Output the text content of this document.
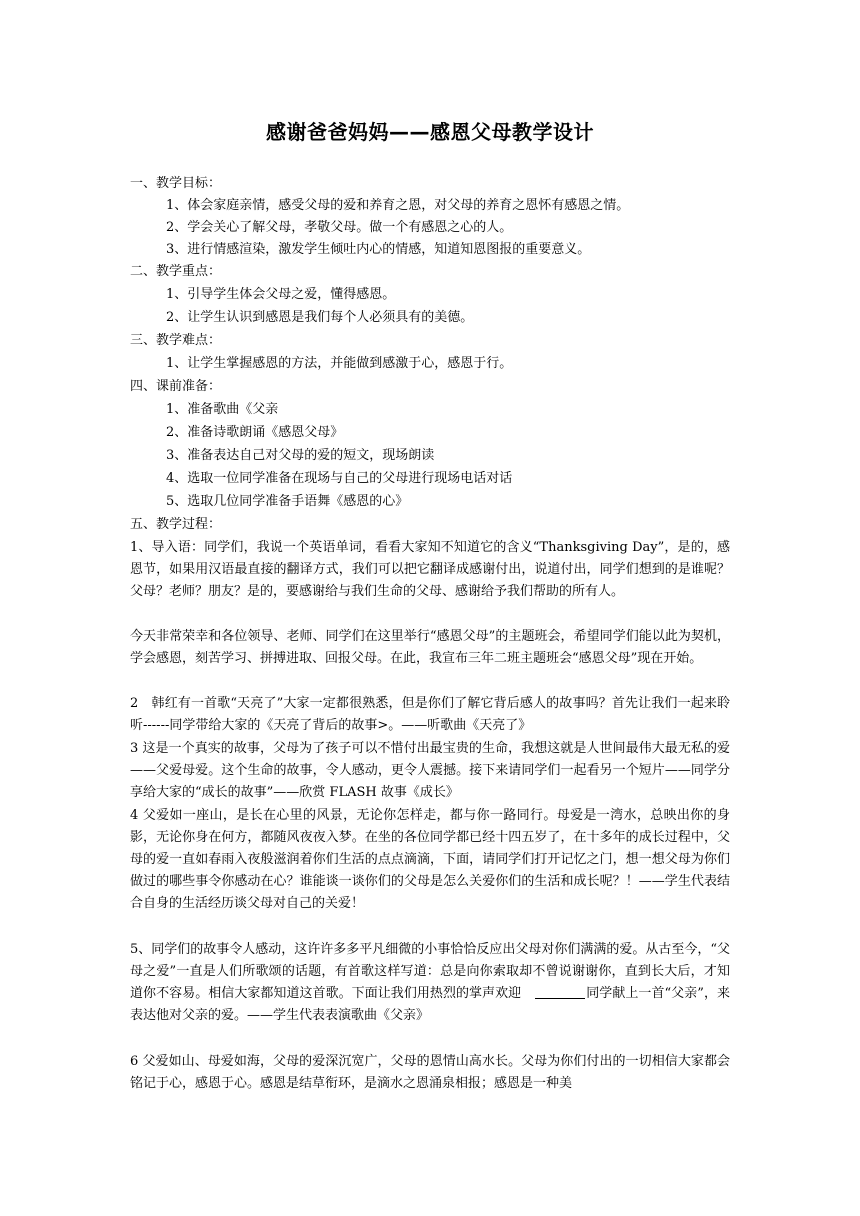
感谢爸爸妈妈——感恩父母教学设计
一、教学目标：
1、体会家庭亲情，感受父母的爱和养育之恩，对父母的养育之恩怀有感恩之情。
2、学会关心了解父母，孝敬父母。做一个有感恩之心的人。
3、进行情感渲染，激发学生倾吐内心的情感，知道知恩图报的重要意义。
二、教学重点：
1、引导学生体会父母之爱，懂得感恩。
2、让学生认识到感恩是我们每个人必须具有的美德。
三、教学难点：
1、让学生掌握感恩的方法，并能做到感激于心，感恩于行。
四、课前准备：
1、准备歌曲《父亲
2、准备诗歌朗诵《感恩父母》
3、准备表达自己对父母的爱的短文，现场朗读
4、选取一位同学准备在现场与自己的父母进行现场电话对话
5、选取几位同学准备手语舞《感恩的心》
五、教学过程：
1、导入语：同学们，我说一个英语单词，看看大家知不知道它的含义“Thanksgiving Day”，是的，感恩节，如果用汉语最直接的翻译方式，我们可以把它翻译成感谢付出，说道付出，同学们想到的是谁呢？父母？老师？朋友？是的，要感谢给与我们生命的父母、感谢给予我们帮助的所有人。
今天非常荣幸和各位领导、老师、同学们在这里举行“感恩父母”的主题班会，希望同学们能以此为契机，学会感恩，刻苦学习、拼搏进取、回报父母。在此，我宣布三年二班主题班会“感恩父母”现在开始。
2　韩红有一首歌“天亮了”大家一定都很熟悉，但是你们了解它背后感人的故事吗？首先让我们一起来聆听------同学带给大家的《天亮了背后的故事>。——听歌曲《天亮了》
3 这是一个真实的故事，父母为了孩子可以不惜付出最宝贵的生命，我想这就是人世间最伟大最无私的爱——父爱母爱。这个生命的故事，令人感动，更令人震撼。接下来请同学们一起看另一个短片——同学分享给大家的“成长的故事”——欣赏 FLASH 故事《成长》
4 父爱如一座山，是长在心里的风景，无论你怎样走，都与你一路同行。母爱是一湾水，总映出你的身影，无论你身在何方，都随风夜夜入梦。在坐的各位同学都已经十四五岁了，在十多年的成长过程中，父母的爱一直如春雨入夜般滋润着你们生活的点点滴滴，下面，请同学们打开记忆之门，想一想父母为你们做过的哪些事令你感动在心？谁能谈一谈你们的父母是怎么关爱你们的生活和成长呢？！——学生代表结合自身的生活经历谈父母对自己的关爱！
5、同学们的故事令人感动，这许许多多平凡细微的小事恰恰反应出父母对你们满满的爱。从古至今，“父母之爱”一直是人们所歌颂的话题，有首歌这样写道：总是向你索取却不曾说谢谢你，直到长大后，才知道你不容易。相信大家都知道这首歌。下面让我们用热烈的掌声欢迎　	同学献上一首“父亲”，来表达他对父亲的爱。——学生代表表演歌曲《父亲》
6 父爱如山、母爱如海，父母的爱深沉宽广，父母的恩情山高水长。父母为你们付出的一切相信大家都会铭记于心，感恩于心。感恩是结草衔环，是滴水之恩涌泉相报；感恩是一种美
